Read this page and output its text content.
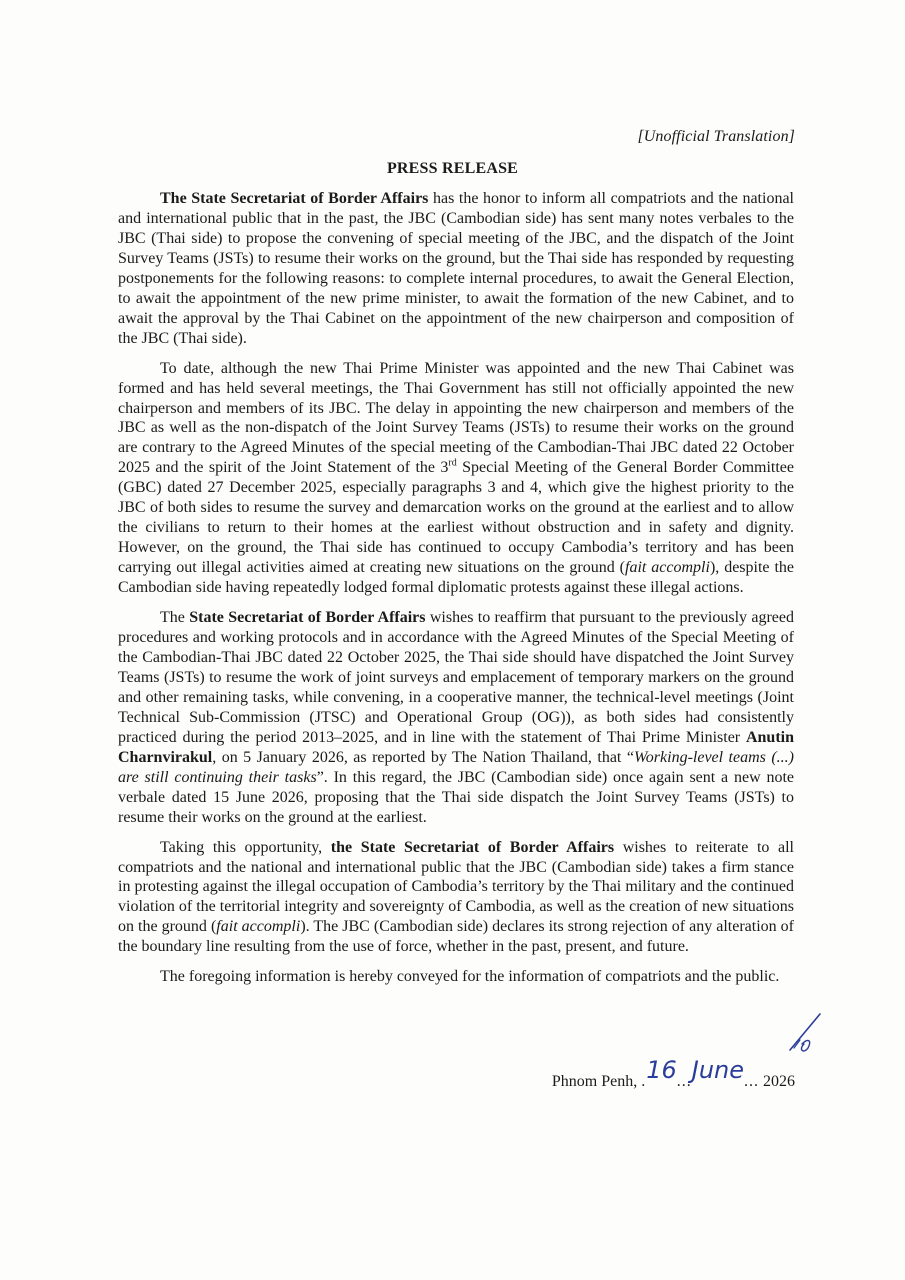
[Unofficial Translation]
PRESS RELEASE

The State Secretariat of Border Affairs has the honor to inform all compatriots and the national and international public that in the past, the JBC (Cambodian side) has sent many notes verbales to the JBC (Thai side) to propose the convening of special meeting of the JBC, and the dispatch of the Joint Survey Teams (JSTs) to resume their works on the ground, but the Thai side has responded by requesting postponements for the following reasons: to complete internal procedures, to await the General Election, to await the appointment of the new prime minister, to await the formation of the new Cabinet, and to await the approval by the Thai Cabinet on the appointment of the new chairperson and composition of the JBC (Thai side).

To date, although the new Thai Prime Minister was appointed and the new Thai Cabinet was formed and has held several meetings, the Thai Government has still not officially appointed the new chairperson and members of its JBC. The delay in appointing the new chairperson and members of the JBC as well as the non-dispatch of the Joint Survey Teams (JSTs) to resume their works on the ground are contrary to the Agreed Minutes of the special meeting of the Cambodian-Thai JBC dated 22 October 2025 and the spirit of the Joint Statement of the 3rd Special Meeting of the General Border Committee (GBC) dated 27 December 2025, especially paragraphs 3 and 4, which give the highest priority to the JBC of both sides to resume the survey and demarcation works on the ground at the earliest and to allow the civilians to return to their homes at the earliest without obstruction and in safety and dignity. However, on the ground, the Thai side has continued to occupy Cambodia’s territory and has been carrying out illegal activities aimed at creating new situations on the ground (fait accompli), despite the Cambodian side having repeatedly lodged formal diplomatic protests against these illegal actions.

The State Secretariat of Border Affairs wishes to reaffirm that pursuant to the previously agreed procedures and working protocols and in accordance with the Agreed Minutes of the Special Meeting of the Cambodian-Thai JBC dated 22 October 2025, the Thai side should have dispatched the Joint Survey Teams (JSTs) to resume the work of joint surveys and emplacement of temporary markers on the ground and other remaining tasks, while convening, in a cooperative manner, the technical-level meetings (Joint Technical Sub-Commission (JTSC) and Operational Group (OG)), as both sides had consistently practiced during the period 2013–2025, and in line with the statement of Thai Prime Minister Anutin Charnvirakul, on 5 January 2026, as reported by The Nation Thailand, that “Working-level teams (...) are still continuing their tasks”. In this regard, the JBC (Cambodian side) once again sent a new note verbale dated 15 June 2026, proposing that the Thai side dispatch the Joint Survey Teams (JSTs) to resume their works on the ground at the earliest.

Taking this opportunity, the State Secretariat of Border Affairs wishes to reiterate to all compatriots and the national and international public that the JBC (Cambodian side) takes a firm stance in protesting against the illegal occupation of Cambodia’s territory by the Thai military and the continued violation of the territorial integrity and sovereignty of Cambodia, as well as the creation of new situations on the ground (fait accompli). The JBC (Cambodian side) declares its strong rejection of any alteration of the boundary line resulting from the use of force, whether in the past, present, and future.

The foregoing information is hereby conveyed for the information of compatriots and the public.

Phnom Penh, .16...June... 2026
